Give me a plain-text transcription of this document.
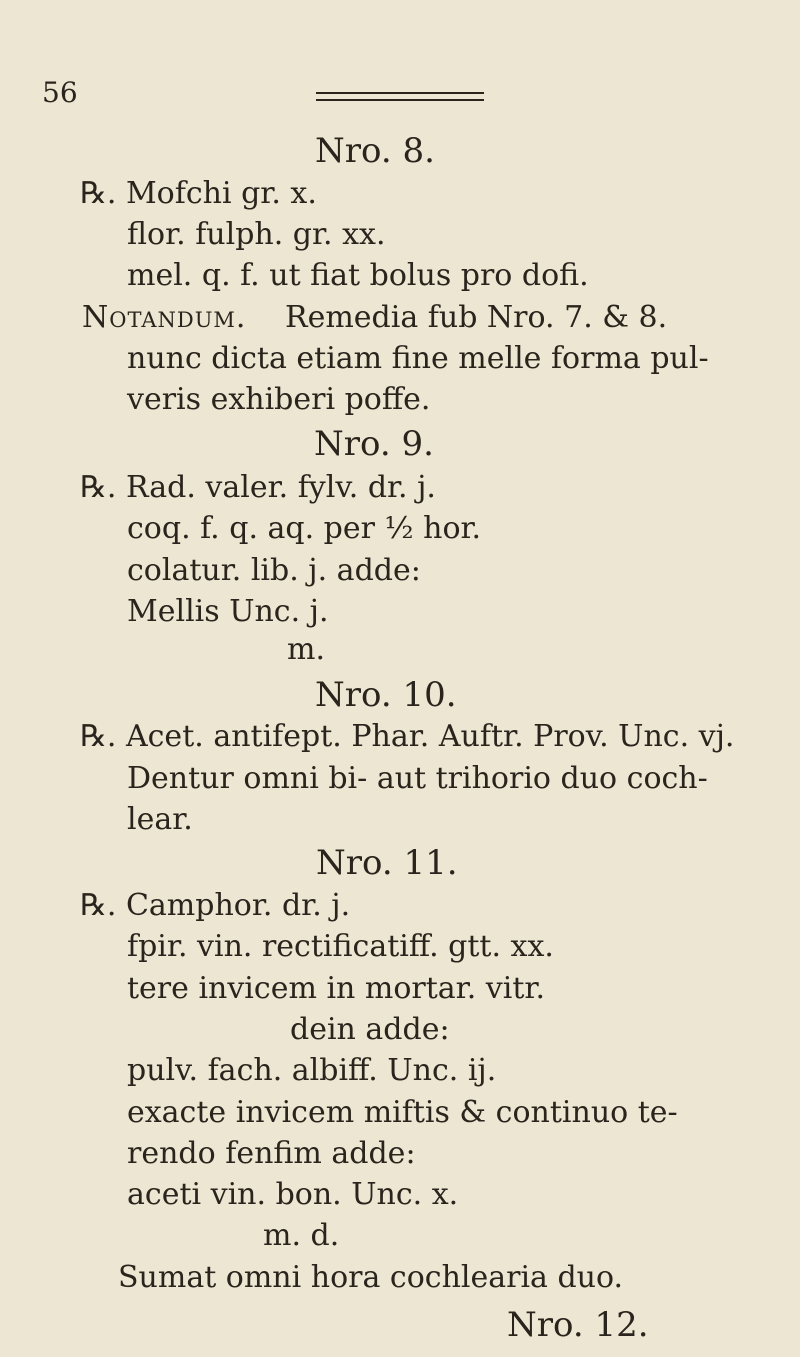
56
Nro. 8.
℞. Mofchi gr. x.
flor. fulph. gr. xx.
mel. q. f. ut fiat bolus pro dofi.
Notandum. Remedia fub Nro. 7. & 8.
nunc dicta etiam fine melle forma pul-
veris exhiberi poffe.
Nro. 9.
℞. Rad. valer. fylv. dr. j.
coq. f. q. aq. per ½ hor.
colatur. lib. j. adde:
Mellis Unc. j.
m.
Nro. 10.
℞. Acet. antifept. Phar. Auftr. Prov. Unc. vj.
Dentur omni bi- aut trihorio duo coch-
lear.
Nro. 11.
℞. Camphor. dr. j.
fpir. vin. rectificatiff. gtt. xx.
tere invicem in mortar. vitr.
dein adde:
pulv. fach. albiff. Unc. ij.
exacte invicem miftis & continuo te-
rendo fenfim adde:
aceti vin. bon. Unc. x.
m. d.
Sumat omni hora cochlearia duo.
Nro. 12.
